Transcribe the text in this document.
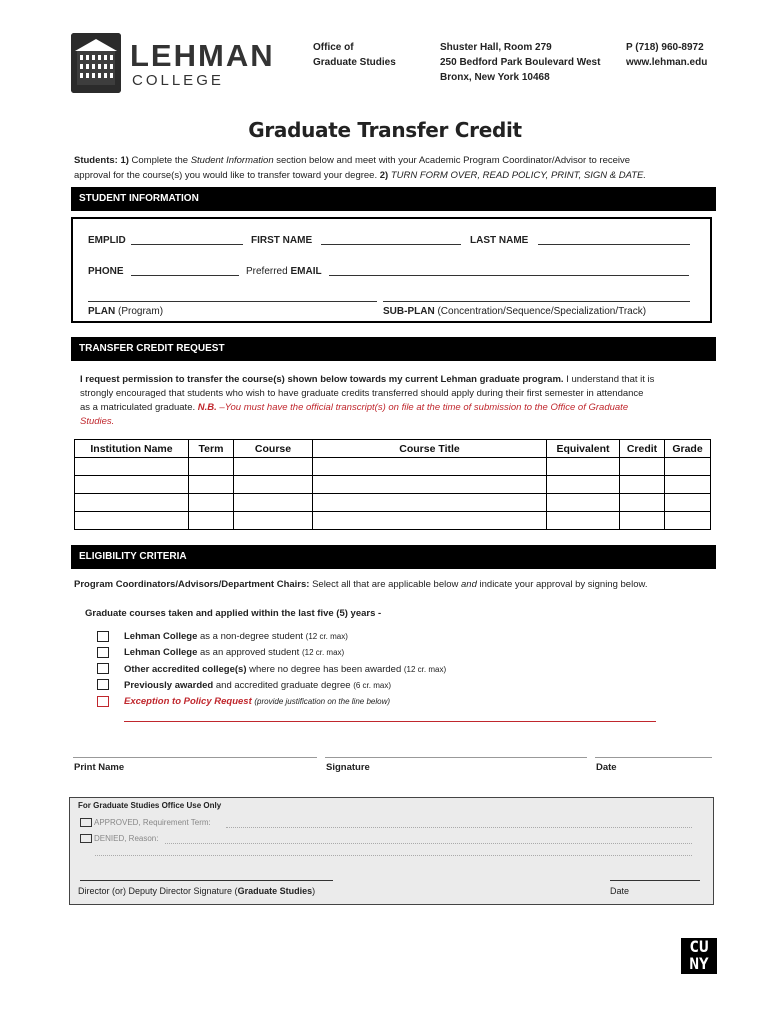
LEHMAN
COLLEGE
Office of
Graduate Studies
Shuster Hall, Room 279
250 Bedford Park Boulevard West
Bronx, New York 10468
P (718) 960-8972
www.lehman.edu
Graduate Transfer Credit
Students: 1) Complete the Student Information section below and meet with your Academic Program Coordinator/Advisor to receive
approval for the course(s) you would like to transfer toward your degree. 2) TURN FORM OVER, READ POLICY, PRINT, SIGN & DATE.
STUDENT INFORMATION
EMPLID	FIRST NAME	LAST NAME
PHONE	Preferred EMAIL
PLAN (Program)	SUB-PLAN (Concentration/Sequence/Specialization/Track)
TRANSFER CREDIT REQUEST
I request permission to transfer the course(s) shown below towards my current Lehman graduate program. I understand that it is
strongly encouraged that students who wish to have graduate credits transferred should apply during their first semester in attendance
as a matriculated graduate. N.B. –You must have the official transcript(s) on file at the time of submission to the Office of Graduate
Studies.
Institution Name	Term	Course	Course Title	Equivalent	Credit	Grade

ELIGIBILITY CRITERIA
Program Coordinators/Advisors/Department Chairs: Select all that are applicable below and indicate your approval by signing below.
Graduate courses taken and applied within the last five (5) years -
Lehman College as a non-degree student (12 cr. max)
Lehman College as an approved student (12 cr. max)
Other accredited college(s) where no degree has been awarded (12 cr. max)
Previously awarded and accredited graduate degree (6 cr. max)
Exception to Policy Request (provide justification on the line below)
Print Name	Signature	Date
For Graduate Studies Office Use Only
APPROVED, Requirement Term:
DENIED, Reason:
Director (or) Deputy Director Signature (Graduate Studies)	Date
CU
NY
